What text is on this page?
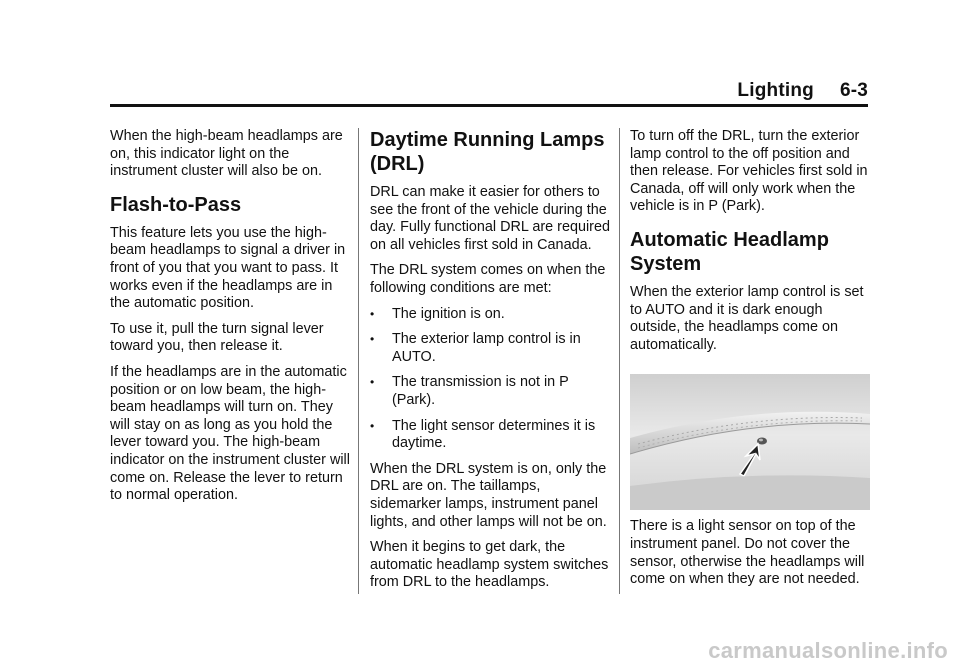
Lighting 6-3

When the high-beam headlamps are on, this indicator light on the instrument cluster will also be on.

Flash-to-Pass

This feature lets you use the high-beam headlamps to signal a driver in front of you that you want to pass. It works even if the headlamps are in the automatic position.

To use it, pull the turn signal lever toward you, then release it.

If the headlamps are in the automatic position or on low beam, the high-beam headlamps will turn on. They will stay on as long as you hold the lever toward you. The high-beam indicator on the instrument cluster will come on. Release the lever to return to normal operation.

Daytime Running Lamps (DRL)

DRL can make it easier for others to see the front of the vehicle during the day. Fully functional DRL are required on all vehicles first sold in Canada.

The DRL system comes on when the following conditions are met:

• The ignition is on.
• The exterior lamp control is in AUTO.
• The transmission is not in P (Park).
• The light sensor determines it is daytime.

When the DRL system is on, only the DRL are on. The taillamps, sidemarker lamps, instrument panel lights, and other lamps will not be on.

When it begins to get dark, the automatic headlamp system switches from DRL to the headlamps.

To turn off the DRL, turn the exterior lamp control to the off position and then release. For vehicles first sold in Canada, off will only work when the vehicle is in P (Park).

Automatic Headlamp System

When the exterior lamp control is set to AUTO and it is dark enough outside, the headlamps come on automatically.

There is a light sensor on top of the instrument panel. Do not cover the sensor, otherwise the headlamps will come on when they are not needed.

carmanualsonline.info
